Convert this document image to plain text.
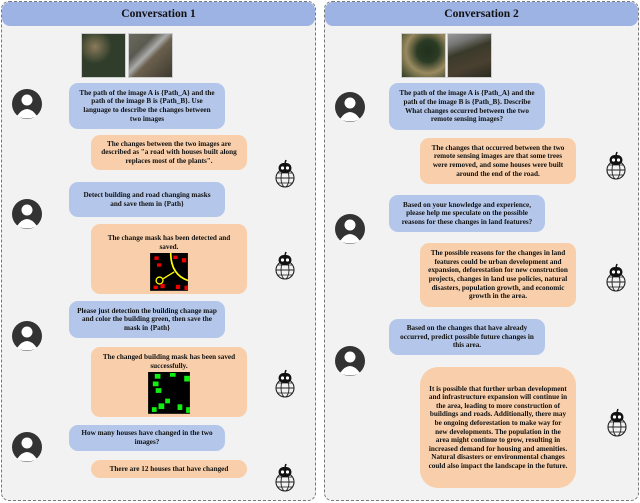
Conversation 1
The path of the image A is {Path_A} and the path of the image B is {Path_B}. Use language to describe the changes between two images
The changes between the two images are described as "a road with houses built along replaces most of the plants".
Detect building and road changing masks and save them in {Path}
The change mask has been detected and saved.
Please just detection the building change map and color the building green, then save the mask in {Path}
The changed building mask has been saved successfully.
How many houses have changed in the two images?
There are 12 houses that have changed
Conversation 2
The path of the image A is {Path_A} and the path of the image B is {Path_B}. Describe What changes occurred between the two remote sensing images?
The changes that occurred between the two remote sensing images are that some trees were removed, and some houses were built around the end of the road.
Based on your knowledge and experience, please help me speculate on the possible reasons for these changes in land features?
The possible reasons for the changes in land features could be urban development and expansion, deforestation for new construction projects, changes in land use policies, natural disasters, population growth, and economic growth in the area.
Based on the changes that have already occurred, predict possible future changes in this area.
It is possible that further urban development and infrastructure expansion will continue in the area, leading to more construction of buildings and roads. Additionally, there may be ongoing deforestation to make way for new developments. The population in the area might continue to grow, resulting in increased demand for housing and amenities. Natural disasters or environmental changes could also impact the landscape in the future.
